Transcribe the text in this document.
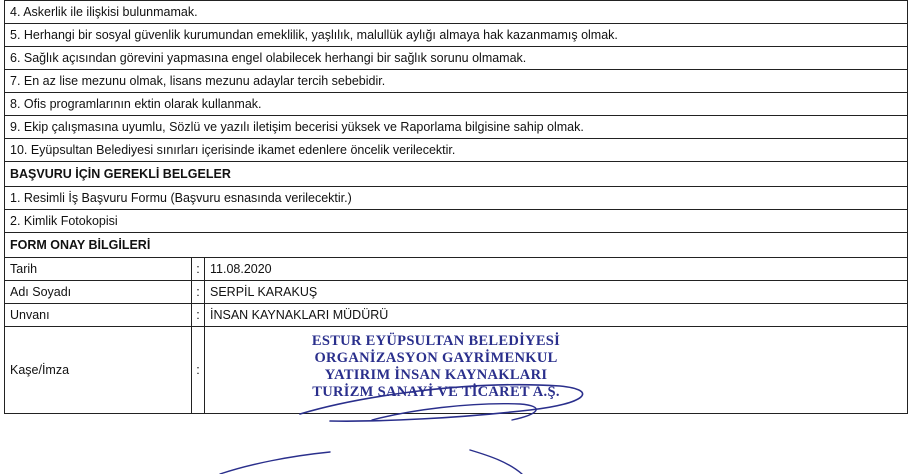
4. Askerlik ile ilişkisi bulunmamak.		
5. Herhangi bir sosyal güvenlik kurumundan emeklilik, yaşlılık, malullük aylığı almaya hak kazanmamış olmak.		
6. Sağlık açısından görevini yapmasına engel olabilecek herhangi bir sağlık sorunu olmamak.		
7. En az lise mezunu olmak, lisans mezunu adaylar tercih sebebidir.		
8. Ofis programlarının ektin olarak kullanmak.		
9. Ekip çalışmasına uyumlu, Sözlü ve yazılı iletişim becerisi yüksek ve Raporlama bilgisine sahip olmak.		
10. Eyüpsultan Belediyesi sınırları içerisinde ikamet edenlere öncelik verilecektir.		
BAŞVURU İÇİN GEREKLİ BELGELER		
1. Resimli İş Başvuru Formu (Başvuru esnasında verilecektir.)		
2. Kimlik Fotokopisi		
FORM ONAY BİLGİLERİ		
Tarih	:	11.08.2020
Adı Soyadı	:	SERPİL KARAKUŞ
Unvanı	:	İNSAN KAYNAKLARI MÜDÜRÜ
Kaşe/İmza	:	ESTUR EYÜPSULTAN BELEDİYESİ
ORGANİZASYON GAYRİMENKUL
YATIRIM İNSAN KAYNAKLARI
TURİZM SANAYİ VE TİCARET A.Ş.
